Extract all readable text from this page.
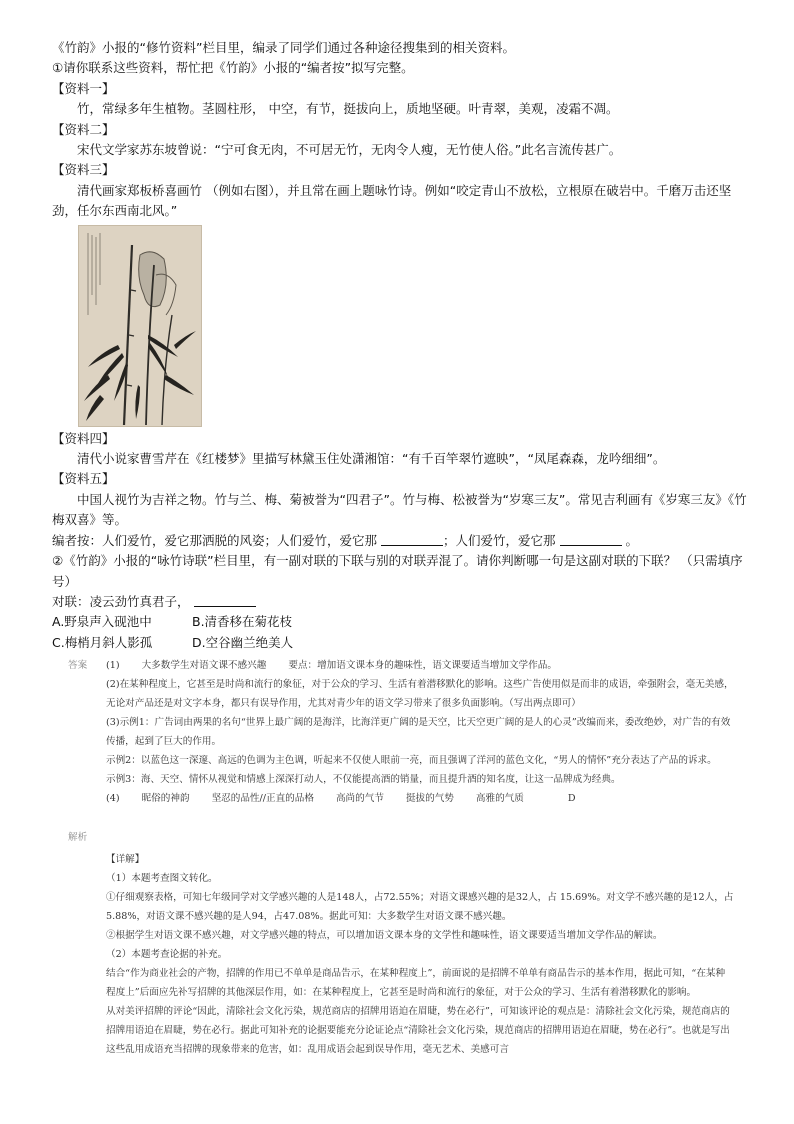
《竹韵》小报的“修竹资料”栏目里，编录了同学们通过各种途径搜集到的相关资料。

①请你联系这些资料，帮忙把《竹韵》小报的“编者按”拟写完整。

【资料一】

竹，常绿多年生植物。茎圆柱形， 中空，有节，挺拔向上，质地坚硬。叶青翠，美观，凌霜不凋。

【资料二】

宋代文学家苏东坡曾说：“宁可食无肉，不可居无竹，无肉令人瘦，无竹使人俗。”此名言流传甚广。

【资料三】

清代画家郑板桥喜画竹 （例如右图），并且常在画上题咏竹诗。例如“咬定青山不放松，立根原在破岩中。千磨万击还坚劲，任尔东西南北风。”

【资料四】

清代小说家曹雪芹在《红楼梦》里描写林黛玉住处潇湘馆：“有千百竿翠竹遮映”，“凤尾森森，龙吟细细”。

【资料五】

中国人视竹为吉祥之物。竹与兰、梅、菊被誉为“四君子”。竹与梅、松被誉为“岁寒三友”。常见吉利画有《岁寒三友》《竹梅双喜》等。

编者按：人们爱竹，爱它那洒脱的风姿；人们爱竹，爱它那	；人们爱竹，爱它那	。

②《竹韵》小报的“咏竹诗联”栏目里，有一副对联的下联与别的对联弄混了。请你判断哪一句是这副对联的下联？ （只需填序号）

对联：凌云劲竹真君子，

A.野泉声入砚池中	B.清香移在菊花枝

C.梅梢月斜人影孤	D.空谷幽兰绝美人

答案 (1) 大多数学生对语文课不感兴趣 要点：增加语文课本身的趣味性，语文课要适当增加文学作品。

(2)在某种程度上，它甚至是时尚和流行的象征，对于公众的学习、生活有着潜移默化的影响。这些广告使用似是而非的成语，牵强附会，毫无美感，无论对产品还是对文字本身，都只有误导作用，尤其对青少年的语文学习带来了很多负面影响。（写出两点即可）

(3)示例1：广告词由两果的名句“世界上最广阔的是海洋，比海洋更广阔的是天空，比天空更广阔的是人的心灵”改编而来，委改绝妙，对广告的有效传播，起到了巨大的作用。

示例2：以蓝色这一深邃、高远的色调为主色调，听起来不仅使人眼前一亮，而且强调了洋河的蓝色文化，“男人的情怀”充分表达了产品的诉求。

示例3：海、天空、情怀从视觉和情感上深深打动人，不仅能提高酒的销量，而且提升酒的知名度，让这一品牌成为经典。

(4) 昵俗的神韵 坚忍的品性//正直的品格 高尚的气节 挺拔的气势 高雅的气质	D

解析

【详解】

（1）本题考查图文转化。

①仔细观察表格，可知七年级同学对文学感兴趣的人是148人，占72.55%；对语文课感兴趣的是32人，占 15.69%。对文学不感兴趣的是12人，占5.88%，对语文课不感兴趣的是人94，占47.08%。据此可知：大多数学生对语文课不感兴趣。

②根据学生对语文课不感兴趣，对文学感兴趣的特点，可以增加语文课本身的文学性和趣味性，语文课要适当增加文学作品的解读。

（2）本题考查论据的补充。

结合“作为商业社会的产物，招牌的作用已不单单是商品告示，在某种程度上”，前面说的是招牌不单单有商品告示的基本作用，据此可知，“在某种程度上”后面应先补写招牌的其他深层作用，如：在某种程度上，它甚至是时尚和流行的象征，对于公众的学习、生活有着潜移默化的影响。

从对美评招牌的评论“因此，清除社会文化污染，规范商店的招牌用语迫在眉睫，势在必行”，可知该评论的观点是：清除社会文化污染，规范商店的招牌用语迫在眉睫，势在必行。据此可知补充的论据要能充分论证论点“清除社会文化污染，规范商店的招牌用语迫在眉睫，势在必行”。也就是写出这些乱用成语充当招牌的现象带来的危害，如：乱用成语会起到误导作用，毫无艺术、美感可言
